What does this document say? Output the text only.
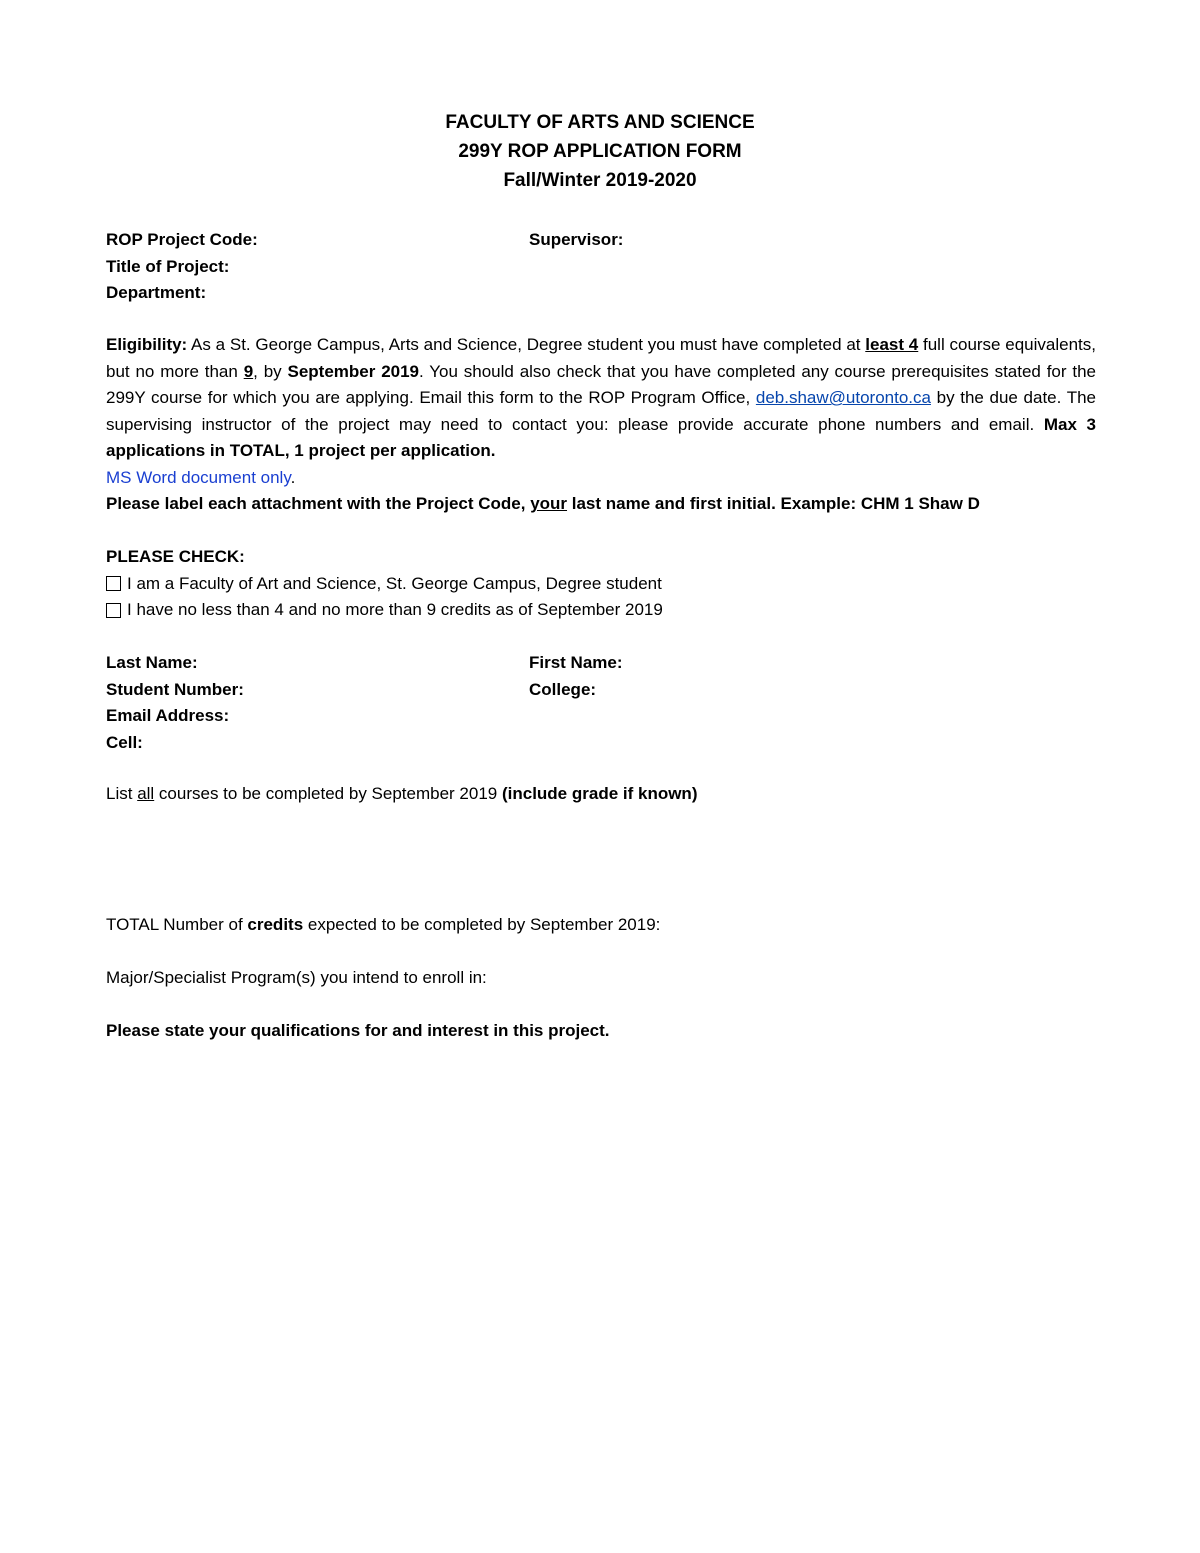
FACULTY OF ARTS AND SCIENCE
299Y ROP APPLICATION FORM
Fall/Winter 2019-2020
ROP Project Code:	Supervisor:
Title of Project:
Department:

Eligibility: As a St. George Campus, Arts and Science, Degree student you must have completed at least 4 full course equivalents, but no more than 9, by September 2019. You should also check that you have completed any course prerequisites stated for the 299Y course for which you are applying. Email this form to the ROP Program Office, deb.shaw@utoronto.ca by the due date. The supervising instructor of the project may need to contact you: please provide accurate phone numbers and email. Max 3 applications in TOTAL, 1 project per application.
MS Word document only.

Please label each attachment with the Project Code, your last name and first initial. Example: CHM 1 Shaw D

PLEASE CHECK:
I am a Faculty of Art and Science, St. George Campus, Degree student
I have no less than 4 and no more than 9 credits as of September 2019
Last Name:	First Name:
Student Number:	College:
Email Address:
Cell:
List all courses to be completed by September 2019 (include grade if known)
TOTAL Number of credits expected to be completed by September 2019:
Major/Specialist Program(s) you intend to enroll in:
Please state your qualifications for and interest in this project.
